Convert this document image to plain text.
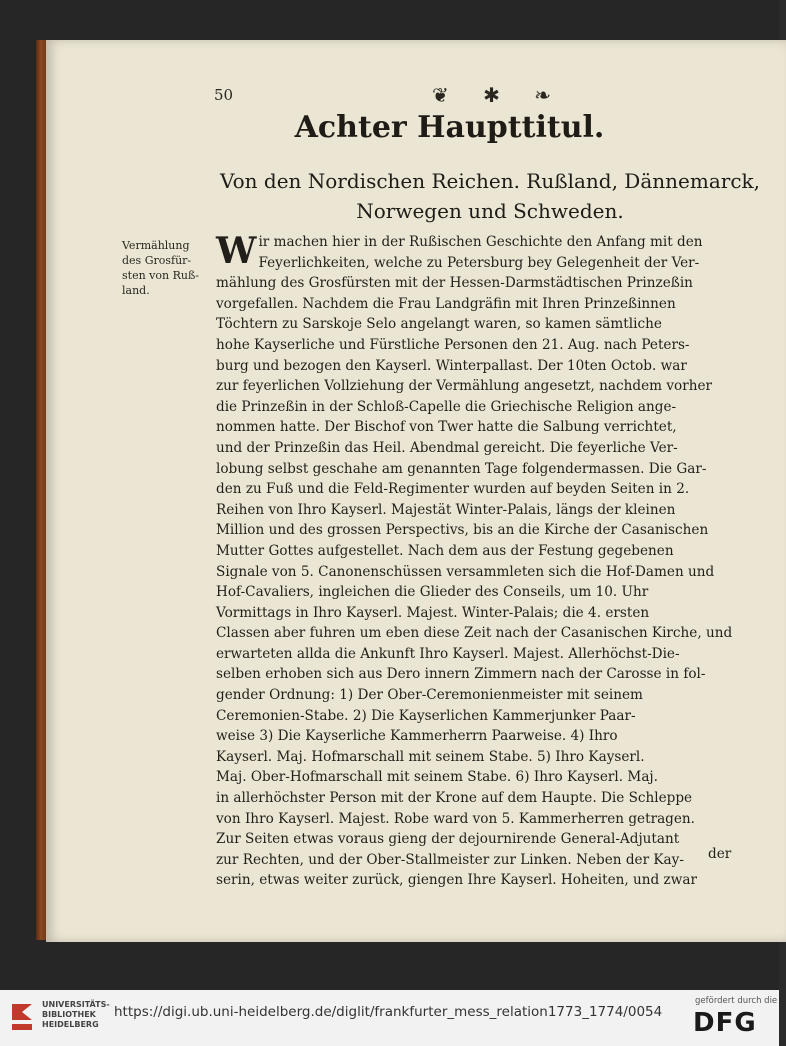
50	❦ ✱ ❧
Achter Haupttitul.
Von den Nordischen Reichen. Rußland, Dännemarck,
Norwegen und Schweden.
Vermählung
des Grosfür-
sten von Ruß-
land.
Wir machen hier in der Rußischen Geschichte den Anfang mit den
Feyerlichkeiten, welche zu Petersburg bey Gelegenheit der Ver-
mählung des Grosfürsten mit der Hessen-Darmstädtischen Prinzeßin
vorgefallen. Nachdem die Frau Landgräfin mit Ihren Prinzeßinnen
Töchtern zu Sarskoje Selo angelangt waren, so kamen sämtliche
hohe Kayserliche und Fürstliche Personen den 21. Aug. nach Peters-
burg und bezogen den Kayserl. Winterpallast. Der 10ten Octob. war
zur feyerlichen Vollziehung der Vermählung angesetzt, nachdem vorher
die Prinzeßin in der Schloß-Capelle die Griechische Religion ange-
nommen hatte. Der Bischof von Twer hatte die Salbung verrichtet,
und der Prinzeßin das Heil. Abendmal gereicht. Die feyerliche Ver-
lobung selbst geschahe am genannten Tage folgendermassen. Die Gar-
den zu Fuß und die Feld-Regimenter wurden auf beyden Seiten in 2.
Reihen von Ihro Kayserl. Majestät Winter-Palais, längs der kleinen
Million und des grossen Perspectivs, bis an die Kirche der Casanischen
Mutter Gottes aufgestellet. Nach dem aus der Festung gegebenen
Signale von 5. Canonenschüssen versammleten sich die Hof-Damen und
Hof-Cavaliers, ingleichen die Glieder des Conseils, um 10. Uhr
Vormittags in Ihro Kayserl. Majest. Winter-Palais; die 4. ersten
Classen aber fuhren um eben diese Zeit nach der Casanischen Kirche, und
erwarteten allda die Ankunft Ihro Kayserl. Majest. Allerhöchst-Die-
selben erhoben sich aus Dero innern Zimmern nach der Carosse in fol-
gender Ordnung: 1) Der Ober-Ceremonienmeister mit seinem
Ceremonien-Stabe. 2) Die Kayserlichen Kammerjunker Paar-
weise 3) Die Kayserliche Kammerherrn Paarweise. 4) Ihro
Kayserl. Maj. Hofmarschall mit seinem Stabe. 5) Ihro Kayserl.
Maj. Ober-Hofmarschall mit seinem Stabe. 6) Ihro Kayserl. Maj.
in allerhöchster Person mit der Krone auf dem Haupte. Die Schleppe
von Ihro Kayserl. Majest. Robe ward von 5. Kammerherren getragen.
Zur Seiten etwas voraus gieng der dejournirende General-Adjutant
zur Rechten, und der Ober-Stallmeister zur Linken. Neben der Kay-
serin, etwas weiter zurück, giengen Ihre Kayserl. Hoheiten, und zwar
der
UNIVERSITÄTS-
BIBLIOTHEK
HEIDELBERG
https://digi.ub.uni-heidelberg.de/diglit/frankfurter_mess_relation1773_1774/0054
gefördert durch die
DFG
